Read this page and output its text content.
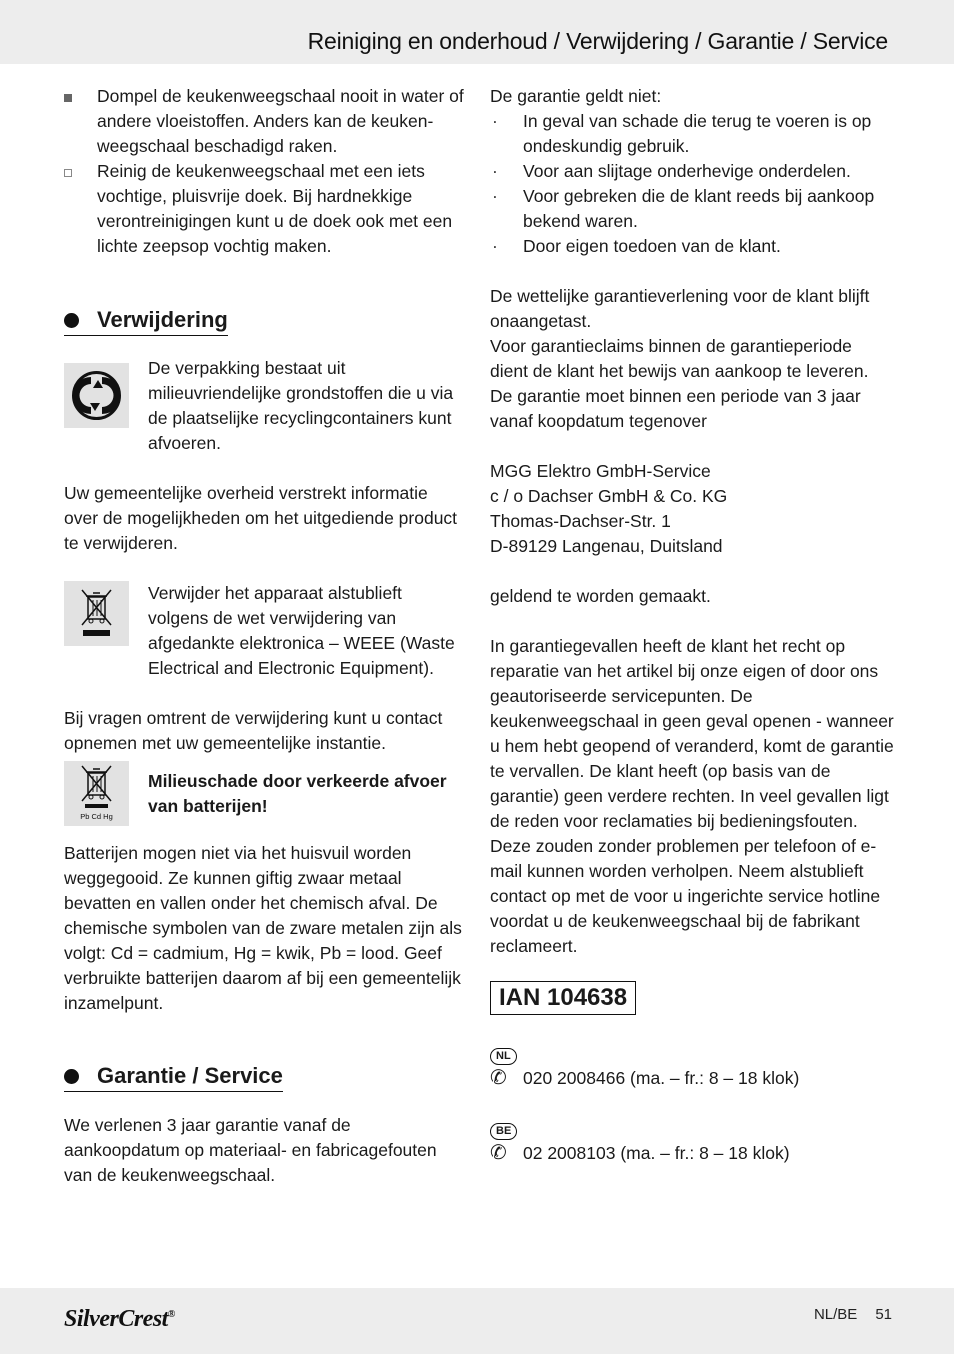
Reiniging en onderhoud / Verwijdering / Garantie / Service
Dompel de keukenweegschaal nooit in water of andere vloeistoffen. Anders kan de keuken-weegschaal beschadigd raken.
Reinig de keukenweegschaal met een iets vochtige, pluisvrije doek. Bij hardnekkige verontreinigingen kunt u de doek ook met een lichte zeepsop vochtig maken.
Verwijdering
De verpakking bestaat uit milieuvriendelijke grondstoffen die u via de plaatselijke recyclingcontainers kunt afvoeren.
Uw gemeentelijke overheid verstrekt informatie over de mogelijkheden om het uitgediende product te verwijderen.
Verwijder het apparaat alstublieft volgens de wet verwijdering van afgedankte elektronica – WEEE (Waste Electrical and Electronic Equipment).
Bij vragen omtrent de verwijdering kunt u contact opnemen met uw gemeentelijke instantie.
Pb Cd Hg
Milieuschade door verkeerde afvoer van batterijen!
Batterijen mogen niet via het huisvuil worden weggegooid. Ze kunnen giftig zwaar metaal bevatten en vallen onder het chemisch afval. De chemische symbolen van de zware metalen zijn als volgt: Cd = cadmium, Hg = kwik, Pb = lood. Geef verbruikte batterijen daarom af bij een gemeentelijk inzamelpunt.
Garantie / Service
We verlenen 3 jaar garantie vanaf de aankoopdatum op materiaal- en fabricagefouten van de keukenweegschaal.
De garantie geldt niet:
· In geval van schade die terug te voeren is op ondeskundig gebruik.
· Voor aan slijtage onderhevige onderdelen.
· Voor gebreken die de klant reeds bij aankoop bekend waren.
· Door eigen toedoen van de klant.
De wettelijke garantieverlening voor de klant blijft onaangetast.
Voor garantieclaims binnen de garantieperiode dient de klant het bewijs van aankoop te leveren. De garantie moet binnen een periode van 3 jaar vanaf koopdatum tegenover
MGG Elektro GmbH-Service
c / o Dachser GmbH & Co. KG
Thomas-Dachser-Str. 1
D-89129 Langenau, Duitsland
geldend te worden gemaakt.
In garantiegevallen heeft de klant het recht op reparatie van het artikel bij onze eigen of door ons geautoriseerde servicepunten. De keukenweegschaal in geen geval openen - wanneer u hem hebt geopend of veranderd, komt de garantie te vervallen. De klant heeft (op basis van de garantie) geen verdere rechten. In veel gevallen ligt de reden voor reclamaties bij bedieningsfouten. Deze zouden zonder problemen per telefoon of e-mail kunnen worden verholpen. Neem alstublieft contact op met de voor u ingerichte service hotline voordat u de keukenweegschaal bij de fabrikant reclameert.
IAN 104638
NL
✆ 020 2008466 (ma. – fr.: 8 – 18 klok)
BE
✆ 02 2008103 (ma. – fr.: 8 – 18 klok)
SilverCrest®	NL/BE 51
